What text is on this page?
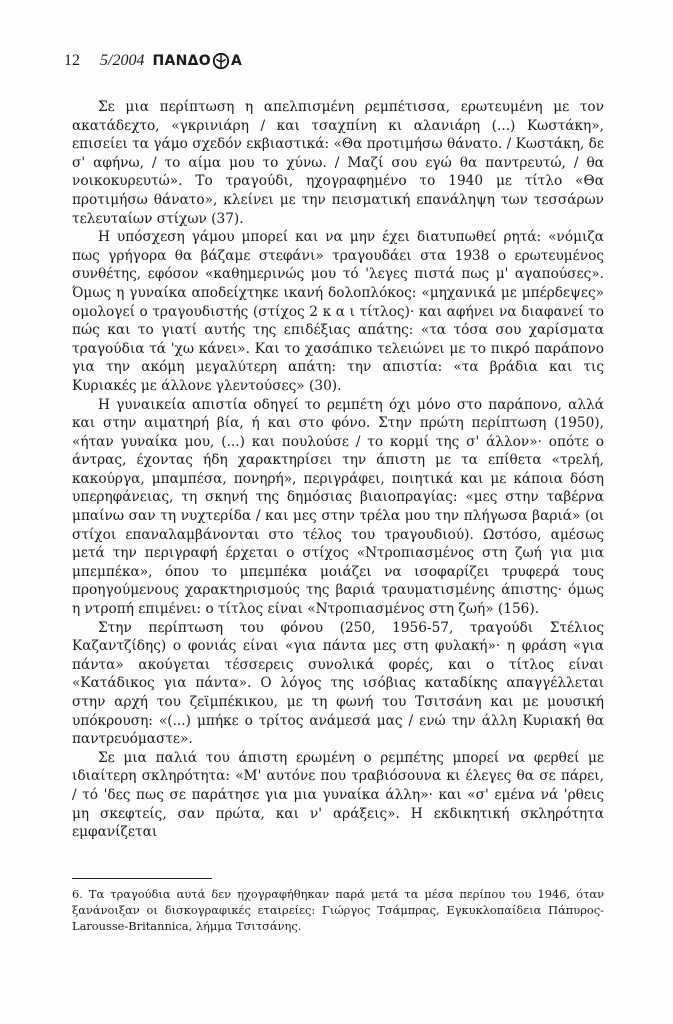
12 5/2004 ΠΑΝΔΟ Α

Σε μια περίπτωση η απελπισμένη ρεμπέτισσα, ερωτευμένη με τον ακατάδεχτο, «γκρινιάρη / και τσαχπίνη κι αλανιάρη (...) Κωστάκη», επισείει τα γάμο σχεδόν εκβιαστικά: «Θα προτιμήσω θάνατο. / Κωστάκη, δε σ' αφήνω, / το αίμα μου το χύνω. / Μαζί σου εγώ θα παντρευτώ, / θα νοικοκυρευτώ». Το τραγούδι, ηχογραφημένο το 1940 με τίτλο «Θα προτιμήσω θάνατο», κλείνει με την πεισματική επανάληψη των τεσσάρων τελευταίων στίχων (37).

Η υπόσχεση γάμου μπορεί και να μην έχει διατυπωθεί ρητά: «νόμιζα πως γρήγορα θα βάζαμε στεφάνι» τραγουδάει στα 1938 ο ερωτευμένος συνθέτης, εφόσον «καθημερινώς μου τό 'λεγες πιστά πως μ' αγαπούσες». Όμως η γυναίκα αποδείχτηκε ικανή δολοπλόκος: «μηχανικά με μπέρδεψες» ομολογεί ο τραγουδιστής (στίχος 2 κ α ι τίτλος)· και αφήνει να διαφανεί το πώς και το γιατί αυτής της επιδέξιας απάτης: «τα τόσα σου χαρίσματα τραγούδια τά 'χω κάνει». Και το χασάπικο τελειώνει με το πικρό παράπονο για την ακόμη μεγαλύτερη απάτη: την απιστία: «τα βράδια και τις Κυριακές με άλλονε γλεντούσες» (30).

Η γυναικεία απιστία οδηγεί το ρεμπέτη όχι μόνο στο παράπονο, αλλά και στην αιματηρή βία, ή και στο φόνο. Στην πρώτη περίπτωση (1950), «ήταν γυναίκα μου, (...) και πουλούσε / το κορμί της σ' άλλον»· οπότε ο άντρας, έχοντας ήδη χαρακτηρίσει την άπιστη με τα επίθετα «τρελή, κακούργα, μπαμπέσα, πονηρή», περιγράφει, ποιητικά και με κάποια δόση υπερηφάνειας, τη σκηνή της δημόσιας βιαιοπραγίας: «μες στην ταβέρνα μπαίνω σαν τη νυχτερίδα / και μες στην τρέλα μου την πλήγωσα βαριά» (οι στίχοι επαναλαμβάνονται στο τέλος του τραγουδιού). Ωστόσο, αμέσως μετά την περιγραφή έρχεται ο στίχος «Ντροπιασμένος στη ζωή για μια μπεμπέκα», όπου το μπεμπέκα μοιάζει να ισοφαρίζει τρυφερά τους προηγούμενους χαρακτηρισμούς της βαριά τραυματισμένης άπιστης· όμως η ντροπή επιμένει: ο τίτλος είναι «Ντροπιασμένος στη ζωή» (156).

Στην περίπτωση του φόνου (250, 1956-57, τραγούδι Στέλιος Καζαντζίδης) ο φονιάς είναι «για πάντα μες στη φυλακή»· η φράση «για πάντα» ακούγεται τέσσερεις συνολικά φορές, και ο τίτλος είναι «Κατάδικος για πάντα». Ο λόγος της ισόβιας καταδίκης απαγγέλλεται στην αρχή του ζεϊμπέκικου, με τη φωνή του Τσιτσάνη και με μουσική υπόκρουση: «(...) μπήκε ο τρίτος ανάμεσά μας / ενώ την άλλη Κυριακή θα παντρευόμαστε».

Σε μια παλιά του άπιστη ερωμένη ο ρεμπέτης μπορεί να φερθεί με ιδιαίτερη σκληρότητα: «Μ' αυτόνε που τραβιόσουνα κι έλεγες θα σε πάρει, / τό 'δες πως σε παράτησε για μια γυναίκα άλλη»· και «σ' εμένα νά 'ρθεις μη σκεφτείς, σαν πρώτα, και ν' αράξεις». Η εκδικητική σκληρότητα εμφανίζεται

6. Τα τραγούδια αυτά δεν ηχογραφήθηκαν παρά μετά τα μέσα περίπου του 1946, όταν ξανάνοιξαν οι δισκογραφικές εταιρείες: Γιώργος Τσάμπρας, Εγκυκλοπαίδεια Πάπυρος-Larousse-Britannica, λήμμα Τσιτσάνης.
